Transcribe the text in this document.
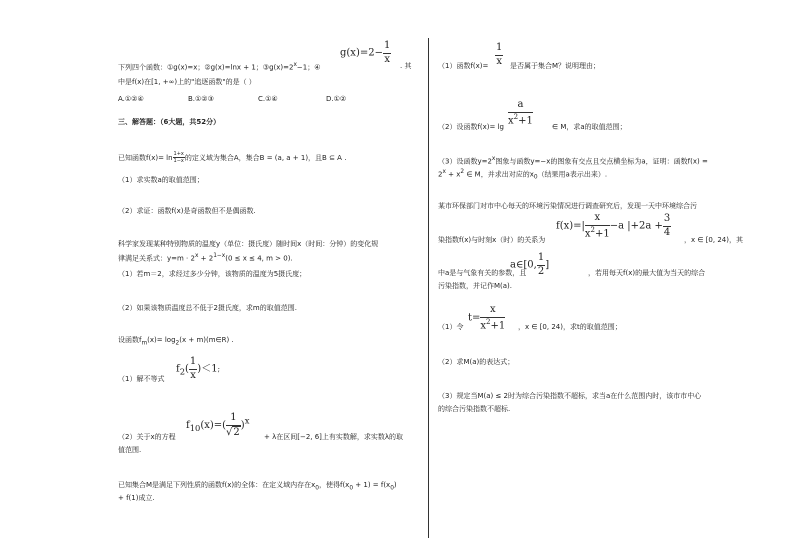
下列四个函数：①g(x)=x；②g(x)=lnx + 1；$③g(x)=2^x-1$；④
$g(x)=2- \frac{1}{x}$ . 其
中是f(x)在[1, +∞)上的"追逐函数"的是（ ）
A.①②④	B.①②③	C.①④	D.①②
三、解答题：（6大题，共52分）
已知函数$f(x)= \ln \frac{1+x}{1-x}$ 的定义域为集合A，集合B = (a, a + 1)，且B ⊆ A .
（1）求实数a的取值范围；
（2）求证：函数f(x)是奇函数但不是偶函数.
科学家发现某种特别物质的温度y（单位：摄氏度）随时间x（时间：分钟）的变化规
律满足关系式：$y=m \cdot 2^x + 2^{1-x}(0 \le x \le 4$, m > 0).
（1）若m＝2，求经过多少分钟，该物质的温度为5摄氏度；
（2）如果该物质温度总不低于2摄氏度，求m的取值范围.
设函数$f_m(x)= \log_2(x$ + m)(m∈R) .
（1）解不等式
$f_2( \frac{1}{x} )<1$;
$f_{10}(x)=( \frac{1}{√2} )^x$
（2）关于x的方程	+ λ在区间[−2, 6]上有实数解，求实数λ的取
值范围.
已知集合M是满足下列性质的函数f(x)的全体：在定义域内存在$x_0$，使得$f(x_0 + 1) = f(x_0)$
+ f(1)成立.
（1）函数$f(x)= \frac{1}{x}$ 是否属于集合M？说明理由；
（2）设函数$f(x)= \lg \frac{a}{x^2+1}$	∈ M，求a的取值范围；
（3）设函数$y=2^x$图象与函数y=−x的图象有交点且交点横坐标为a，证明：函数f(x) =
$2^x + x^2$ ∈ M，并求出对应的$x_0$（结果用a表示出来）.
某市环保部门对市中心每天的环境污染情况进行调查研究后，发现一天中环境综合污
$f(x)=| \frac{x}{x^2+1} -a$ $|+2a + \frac{3}{4}$
染指数f(x)与时刻x（时）的关系为	，x ∈ [0, 24)，其
中a是与气象有关的参数，且
a∈[0, $\frac{1}{2}$ ]
，若用每天f(x)的最大值为当天的综合
污染指数，并记作M(a).
（1）令
$t= \frac{x}{x^2+1}$ ，x ∈ [0, 24)，求t的取值范围；
（2）求M(a)的表达式；
（3）规定当M(a) ≤ 2时为综合污染指数不超标，求当a在什么范围内时，该市市中心
的综合污染指数不超标.
